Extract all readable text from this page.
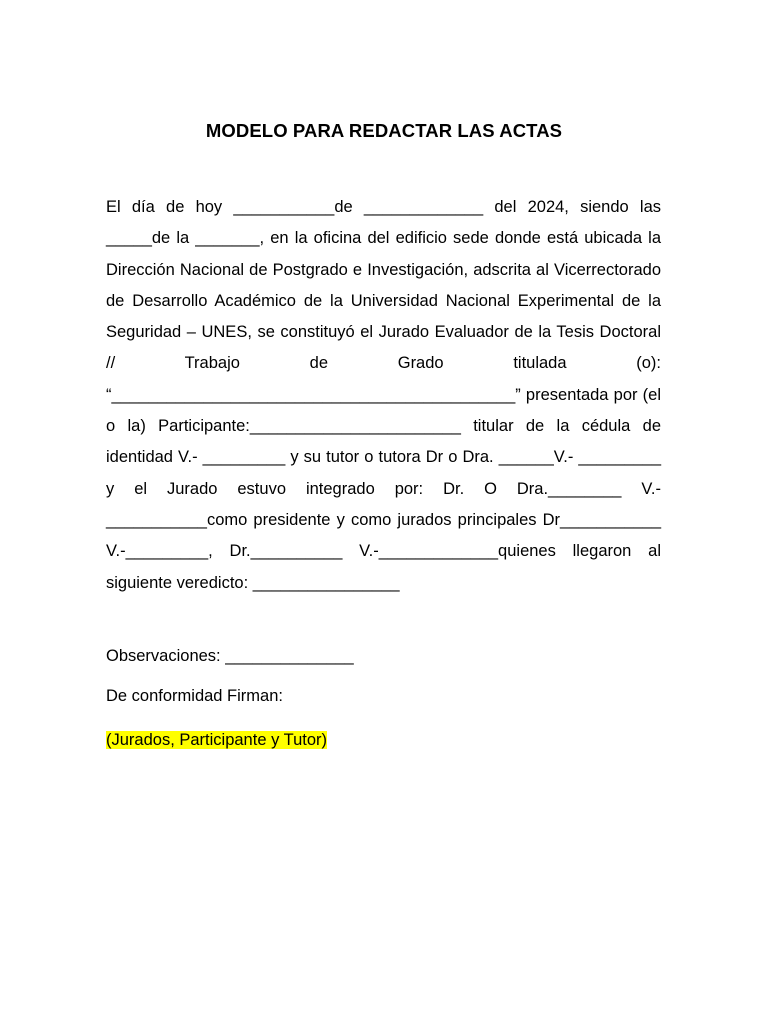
MODELO PARA REDACTAR LAS ACTAS
El día de hoy ___________de _____________ del 2024, siendo las _____de la _______, en la oficina del edificio sede donde está ubicada la Dirección Nacional de Postgrado e Investigación, adscrita al Vicerrectorado de Desarrollo Académico de la Universidad Nacional Experimental de la Seguridad – UNES, se constituyó el Jurado Evaluador de la Tesis Doctoral // Trabajo de Grado titulada (o): “____________________________________________” presentada por (el o la) Participante:_______________________ titular de la cédula de identidad V.- _________ y su tutor o tutora Dr o Dra. ______V.- _________ y el Jurado estuvo integrado por: Dr. O Dra.________ V.-___________como presidente y como jurados principales Dr___________ V.-_________, Dr.__________ V.-_____________quienes llegaron al siguiente veredicto: ________________
Observaciones: ______________
De conformidad Firman:
(Jurados, Participante y Tutor)
